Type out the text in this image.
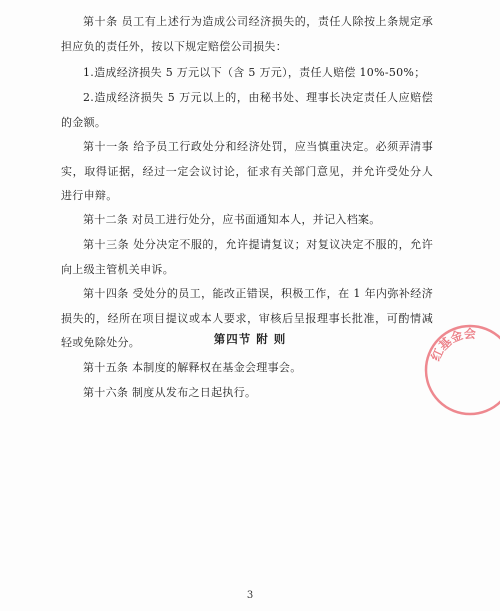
第十条 员工有上述行为造成公司经济损失的，责任人除按上条规定承担应负的责任外，按以下规定赔偿公司损失：

1.造成经济损失 5 万元以下（含 5 万元），责任人赔偿 10%-50%；

2.造成经济损失 5 万元以上的，由秘书处、理事长决定责任人应赔偿的金额。

第十一条 给予员工行政处分和经济处罚，应当慎重决定。必须弄清事实，取得证据，经过一定会议讨论，征求有关部门意见，并允许受处分人进行申辩。

第十二条 对员工进行处分，应书面通知本人，并记入档案。

第十三条 处分决定不服的，允许提请复议；对复议决定不服的，允许向上级主管机关申诉。

第十四条 受处分的员工，能改正错误，积极工作，在 1 年内弥补经济损失的，经所在项目提议或本人要求，审核后呈报理事长批准，可酌情减轻或免除处分。	第四节 附 则

第十五条 本制度的解释权在基金会理事会。

第十六条 制度从发布之日起执行。

红基金会
3
